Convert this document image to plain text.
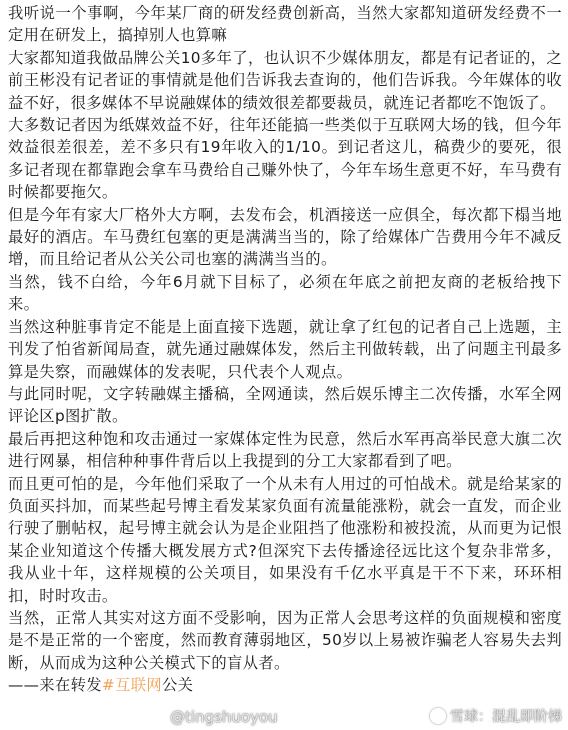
我听说一个事啊，今年某厂商的研发经费创新高，当然大家都知道研发经费不一定用在研发上，搞掉别人也算嘛

大家都知道我做品牌公关10多年了，也认识不少媒体朋友，都是有记者证的，之前王彬没有记者证的事情就是他们告诉我去查询的，他们告诉我。今年媒体的收益不好，很多媒体不早说融媒体的绩效很差都要裁员，就连记者都吃不饱饭了。

大多数记者因为纸媒效益不好，往年还能搞一些类似于互联网大场的钱，但今年效益很差很差，差不多只有19年收入的1/10。到记者这儿，稿费少的要死，很多记者现在都靠跑会拿车马费给自己赚外快了，今年车场生意更不好，车马费有时候都要拖欠。

但是今年有家大厂格外大方啊，去发布会，机酒接送一应俱全，每次都下榻当地最好的酒店。车马费红包塞的更是满满当当的，除了给媒体广告费用今年不减反增，而且给记者从公关公司也塞的满满当当的。

当然，钱不白给，今年6月就下目标了，必须在年底之前把友商的老板给拽下来。

当然这种脏事肯定不能是上面直接下选题，就让拿了红包的记者自己上选题，主刊发了怕省新闻局查，就先通过融媒体发，然后主刊做转载，出了问题主刊最多算是失察，而融媒体的发表呢，只代表个人观点。

与此同时呢，文字转融媒主播稿，全网通读，然后娱乐博主二次传播，水军全网评论区p图扩散。

最后再把这种饱和攻击通过一家媒体定性为民意，然后水军再高举民意大旗二次进行网暴，相信种种事件背后以上我提到的分工大家都看到了吧。

而且更可怕的是，今年他们采取了一个从未有人用过的可怕战术。就是给某家的负面买抖加，而某些起号博主看发某家负面有流量能涨粉，就会一直发，而企业行驶了删帖权，起号博主就会认为是企业阻挡了他涨粉和被投流，从而更为记恨某企业知道这个传播大概发展方式?但深究下去传播途径远比这个复杂非常多，我从业十年，这样规模的公关项目，如果没有千亿水平真是干不下来，环环相扣，时时攻击。

当然，正常人其实对这方面不受影响，因为正常人会思考这样的负面规模和密度是不是正常的一个密度，然而教育薄弱地区，50岁以上易被诈骗老人容易失去判断，从而成为这种公关模式下的盲从者。

——来在转发#互联网公关

@tingshuoyou	雪球：混乱即阶梯
